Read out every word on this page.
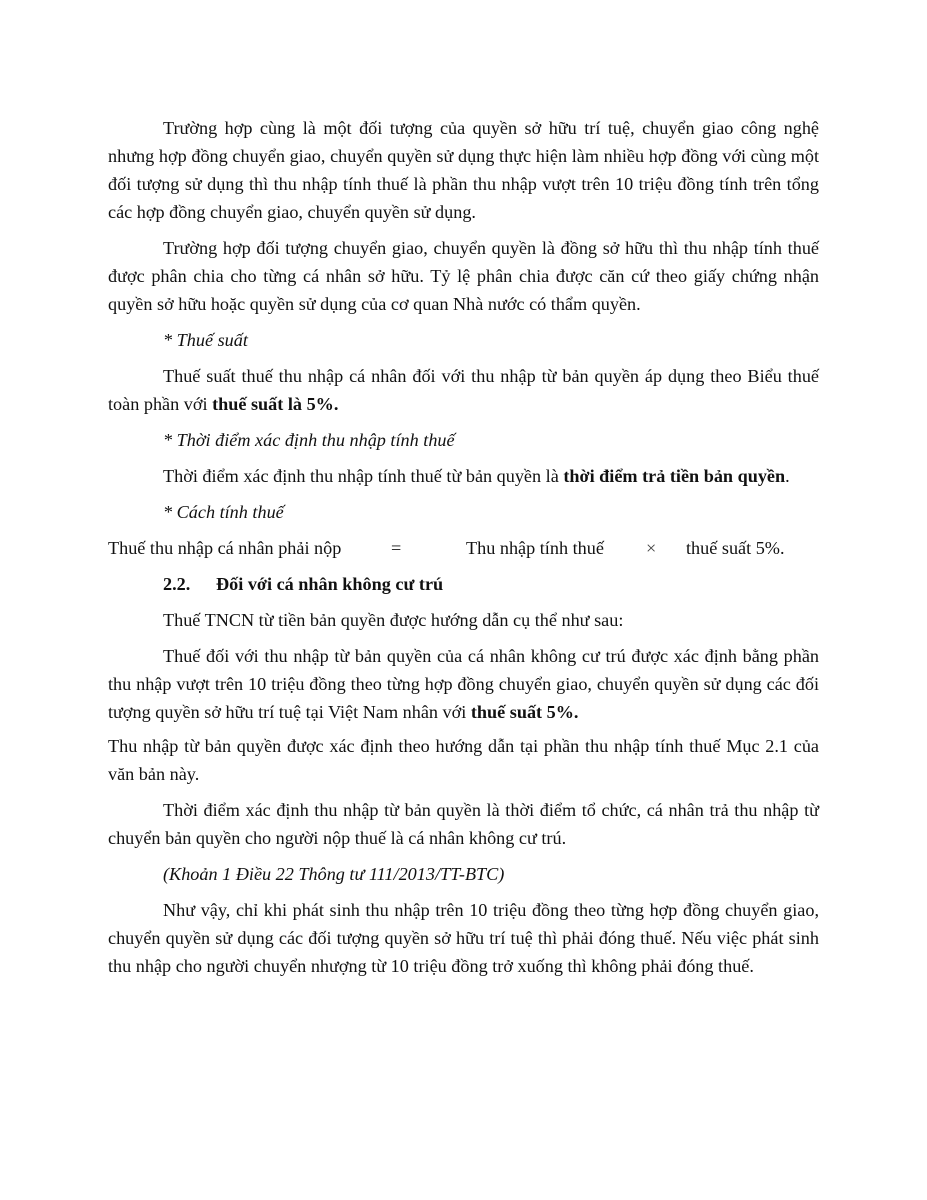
Trường hợp cùng là một đối tượng của quyền sở hữu trí tuệ, chuyển giao công nghệ nhưng hợp đồng chuyển giao, chuyển quyền sử dụng thực hiện làm nhiều hợp đồng với cùng một đối tượng sử dụng thì thu nhập tính thuế là phần thu nhập vượt trên 10 triệu đồng tính trên tổng các hợp đồng chuyển giao, chuyển quyền sử dụng.

Trường hợp đối tượng chuyển giao, chuyển quyền là đồng sở hữu thì thu nhập tính thuế được phân chia cho từng cá nhân sở hữu. Tỷ lệ phân chia được căn cứ theo giấy chứng nhận quyền sở hữu hoặc quyền sử dụng của cơ quan Nhà nước có thẩm quyền.

* Thuế suất

Thuế suất thuế thu nhập cá nhân đối với thu nhập từ bản quyền áp dụng theo Biểu thuế toàn phần với thuế suất là 5%.

* Thời điểm xác định thu nhập tính thuế

Thời điểm xác định thu nhập tính thuế từ bản quyền là thời điểm trả tiền bản quyền.

* Cách tính thuế

Thuế thu nhập cá nhân phải nộp	=	Thu nhập tính thuế × thuế suất 5%.
2.2. Đối với cá nhân không cư trú

Thuế TNCN từ tiền bản quyền được hướng dẫn cụ thể như sau:

Thuế đối với thu nhập từ bản quyền của cá nhân không cư trú được xác định bằng phần thu nhập vượt trên 10 triệu đồng theo từng hợp đồng chuyển giao, chuyển quyền sử dụng các đối tượng quyền sở hữu trí tuệ tại Việt Nam nhân với thuế suất 5%.

Thu nhập từ bản quyền được xác định theo hướng dẫn tại phần thu nhập tính thuế Mục 2.1 của văn bản này.

Thời điểm xác định thu nhập từ bản quyền là thời điểm tổ chức, cá nhân trả thu nhập từ chuyển bản quyền cho người nộp thuế là cá nhân không cư trú.

(Khoản 1 Điều 22 Thông tư 111/2013/TT-BTC)

Như vậy, chỉ khi phát sinh thu nhập trên 10 triệu đồng theo từng hợp đồng chuyển giao, chuyển quyền sử dụng các đối tượng quyền sở hữu trí tuệ thì phải đóng thuế. Nếu việc phát sinh thu nhập cho người chuyển nhượng từ 10 triệu đồng trở xuống thì không phải đóng thuế.
